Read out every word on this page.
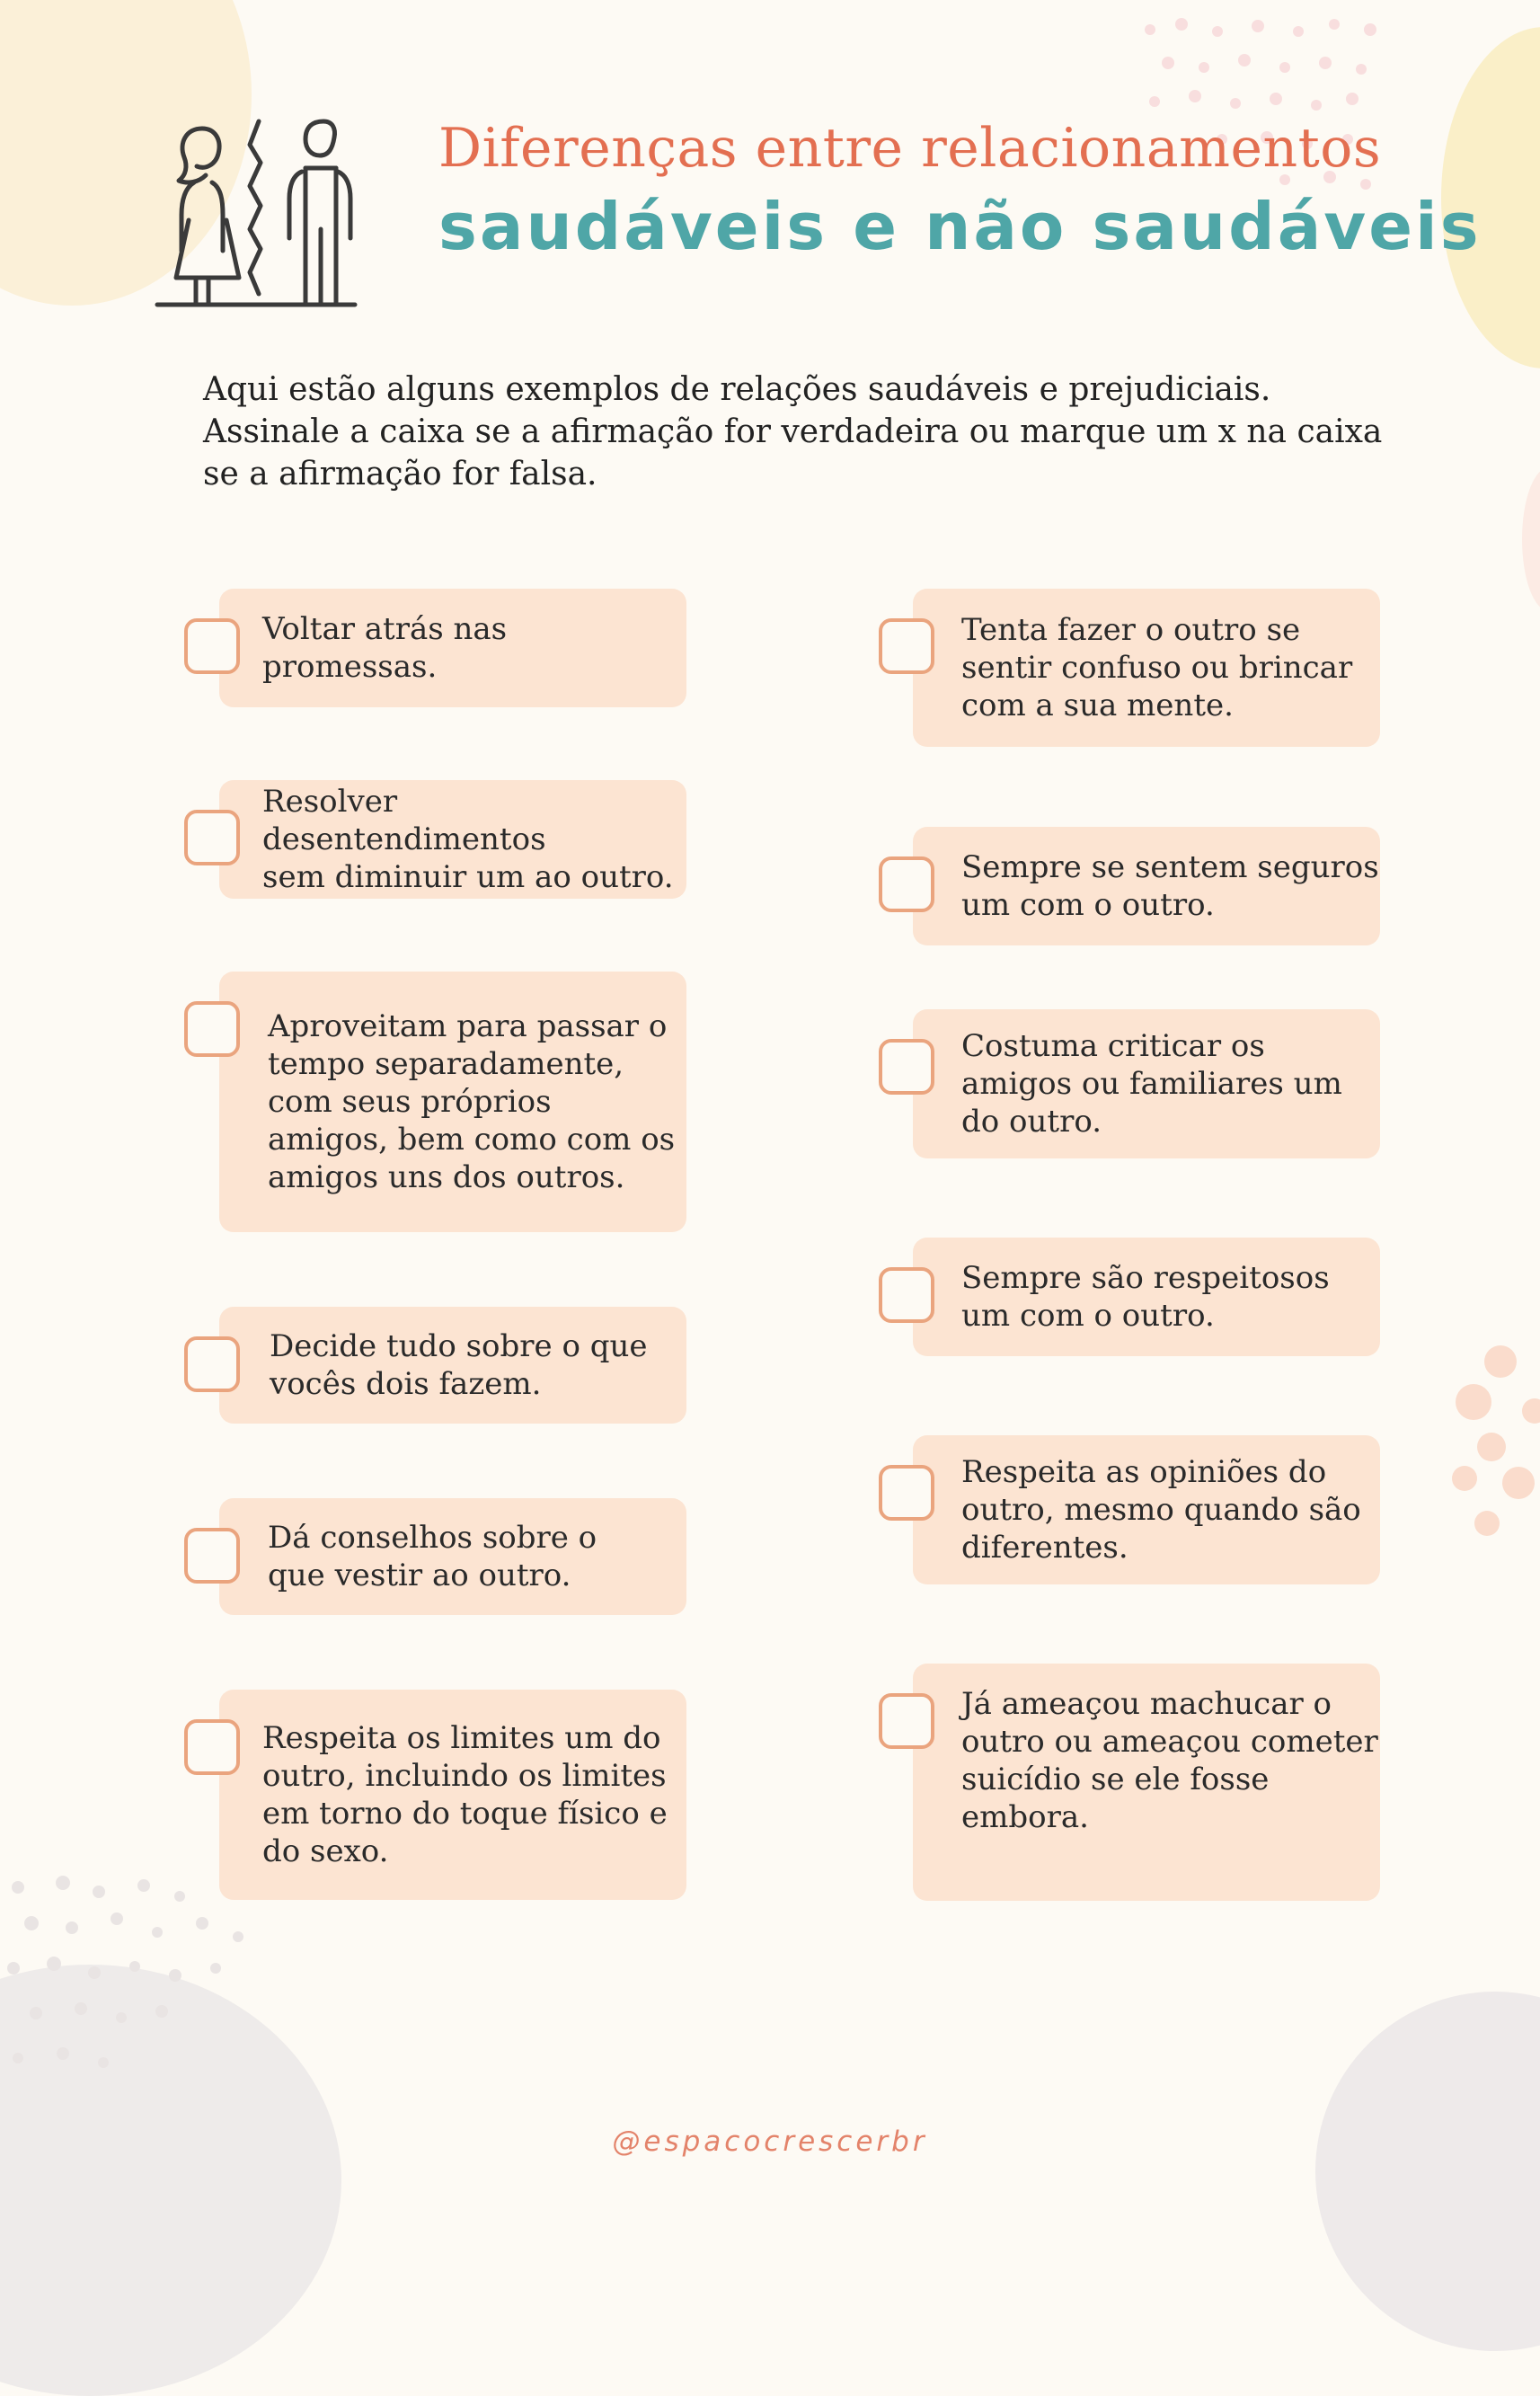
Diferenças entre relacionamentos
saudáveis e não saudáveis

Aqui estão alguns exemplos de relações saudáveis e prejudiciais.

Assinale a caixa se a afirmação for verdadeira ou marque um x na caixa

se a afirmação for falsa.

Voltar atrás nas promessas.
Resolver desentendimentos
sem diminuir um ao outro.
Aproveitam para passar o
tempo separadamente,
com seus próprios
amigos, bem como com os
amigos uns dos outros.
Decide tudo sobre o que
vocês dois fazem.
Dá conselhos sobre o
que vestir ao outro.
Respeita os limites um do
outro, incluindo os limites
em torno do toque físico e
do sexo.
Tenta fazer o outro se
sentir confuso ou brincar
com a sua mente.
Sempre se sentem seguros
um com o outro.
Costuma criticar os
amigos ou familiares um
do outro.
Sempre são respeitosos
um com o outro.
Respeita as opiniões do
outro, mesmo quando são
diferentes.
Já ameaçou machucar o
outro ou ameaçou cometer
suicídio se ele fosse
embora.
@espacocrescerbr
